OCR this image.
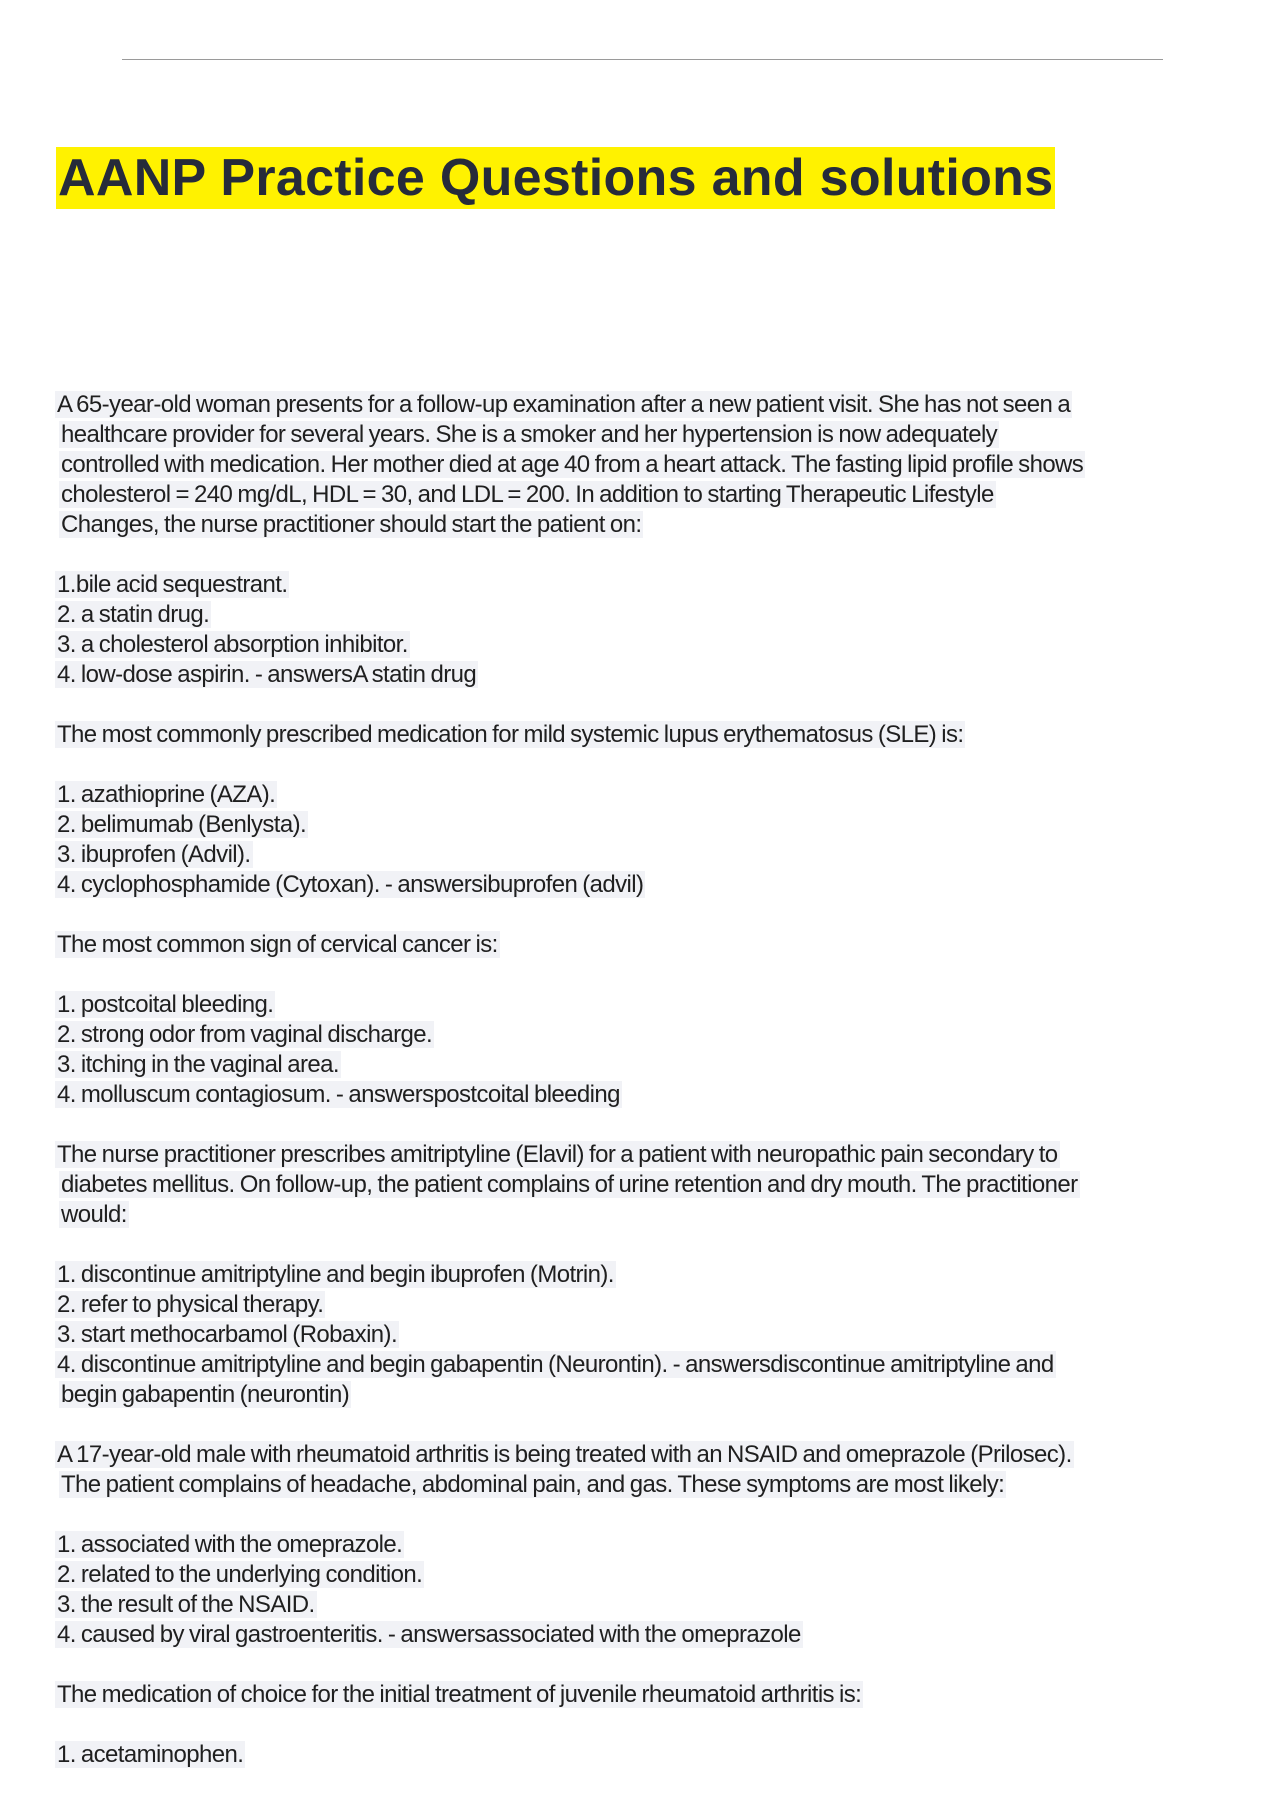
AANP Practice Questions and solutions
A 65-year-old woman presents for a follow-up examination after a new patient visit. She has not seen a
healthcare provider for several years. She is a smoker and her hypertension is now adequately
controlled with medication. Her mother died at age 40 from a heart attack. The fasting lipid profile shows
cholesterol = 240 mg/dL, HDL = 30, and LDL = 200. In addition to starting Therapeutic Lifestyle
Changes, the nurse practitioner should start the patient on:
1.bile acid sequestrant.
2. a statin drug.
3. a cholesterol absorption inhibitor.
4. low-dose aspirin. - answersA statin drug
The most commonly prescribed medication for mild systemic lupus erythematosus (SLE) is:
1. azathioprine (AZA).
2. belimumab (Benlysta).
3. ibuprofen (Advil).
4. cyclophosphamide (Cytoxan). - answersibuprofen (advil)
The most common sign of cervical cancer is:
1. postcoital bleeding.
2. strong odor from vaginal discharge.
3. itching in the vaginal area.
4. molluscum contagiosum. - answerspostcoital bleeding
The nurse practitioner prescribes amitriptyline (Elavil) for a patient with neuropathic pain secondary to
diabetes mellitus. On follow-up, the patient complains of urine retention and dry mouth. The practitioner
would:
1. discontinue amitriptyline and begin ibuprofen (Motrin).
2. refer to physical therapy.
3. start methocarbamol (Robaxin).
4. discontinue amitriptyline and begin gabapentin (Neurontin). - answersdiscontinue amitriptyline and
begin gabapentin (neurontin)
A 17-year-old male with rheumatoid arthritis is being treated with an NSAID and omeprazole (Prilosec).
The patient complains of headache, abdominal pain, and gas. These symptoms are most likely:
1. associated with the omeprazole.
2. related to the underlying condition.
3. the result of the NSAID.
4. caused by viral gastroenteritis. - answersassociated with the omeprazole
The medication of choice for the initial treatment of juvenile rheumatoid arthritis is:
1. acetaminophen.
